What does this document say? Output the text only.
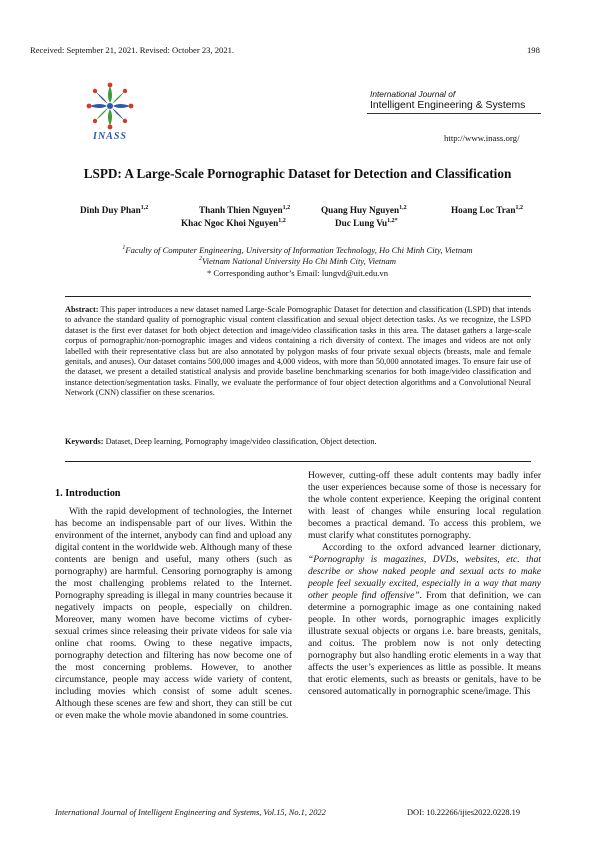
Received: September 21, 2021. Revised: October 23, 2021.	198
INASS
International Journal of
Intelligent Engineering & Systems
http://www.inass.org/
LSPD: A Large-Scale Pornographic Dataset for Detection and Classification
Dinh Duy Phan$^{1,2}$	Thanh Thien Nguyen$^{1,2}$	Quang Huy Nguyen$^{1,2}$	Hoang Loc Tran$^{1,2}$
Khac Ngoc Khoi Nguyen$^{1,2}$	Duc Lung $Vu^{1,2*}$
$^1$Faculty of Computer Engineering, University of Information Technology, Ho Chi Minh City, Vietnam
$^2$Vietnam National University Ho Chi Minh City, Vietnam
* Corresponding author’s Email: lungvd@uit.edu.vn
Abstract: This paper introduces a new dataset named Large-Scale Pornographic Dataset for detection and classification (LSPD) that intends to advance the standard quality of pornographic visual content classification and sexual object detection tasks. As we recognize, the LSPD dataset is the first ever dataset for both object detection and image/video classification tasks in this area. The dataset gathers a large-scale corpus of pornographic/non-pornographic images and videos containing a rich diversity of context. The images and videos are not only labelled with their representative class but are also annotated by polygon masks of four private sexual objects (breasts, male and female genitals, and anuses). Our dataset contains 500,000 images and 4,000 videos, with more than 50,000 annotated images. To ensure fair use of the dataset, we present a detailed statistical analysis and provide baseline benchmarking scenarios for both image/video classification and instance detection/segmentation tasks. Finally, we evaluate the performance of four object detection algorithms and a Convolutional Neural Network (CNN) classifier on these scenarios.
Keywords: Dataset, Deep learning, Pornography image/video classification, Object detection.
1. Introduction

With the rapid development of technologies, the Internet has become an indispensable part of our lives. Within the environment of the internet, anybody can find and upload any digital content in the worldwide web. Although many of these contents are benign and useful, many others (such as pornography) are harmful. Censoring pornography is among the most challenging problems related to the Internet. Pornography spreading is illegal in many countries because it negatively impacts on people, especially on children. Moreover, many women have become victims of cyber-sexual crimes since releasing their private videos for sale via online chat rooms. Owing to these negative impacts, pornography detection and filtering has now become one of the most concerning problems. However, to another circumstance, people may access wide variety of content, including movies which consist of some adult scenes. Although these scenes are few and short, they can still be cut or even make the whole movie abandoned in some countries.

However, cutting-off these adult contents may badly infer the user experiences because some of those is necessary for the whole content experience. Keeping the original content with least of changes while ensuring local regulation becomes a practical demand. To access this problem, we must clarify what constitutes pornography.

According to the oxford advanced learner dictionary, “Pornography is magazines, DVDs, websites, etc. that describe or show naked people and sexual acts to make people feel sexually excited, especially in a way that many other people find offensive”. From that definition, we can determine a pornographic image as one containing naked people. In other words, pornographic images explicitly illustrate sexual objects or organs i.e. bare breasts, genitals, and coitus. The problem now is not only detecting pornography but also handling erotic elements in a way that affects the user’s experiences as little as possible. It means that erotic elements, such as breasts or genitals, have to be censored automatically in pornographic scene/image. This

International Journal of Intelligent Engineering and Systems, Vol.15, No.1, 2022	DOI: 10.22266/ijies2022.0228.19
